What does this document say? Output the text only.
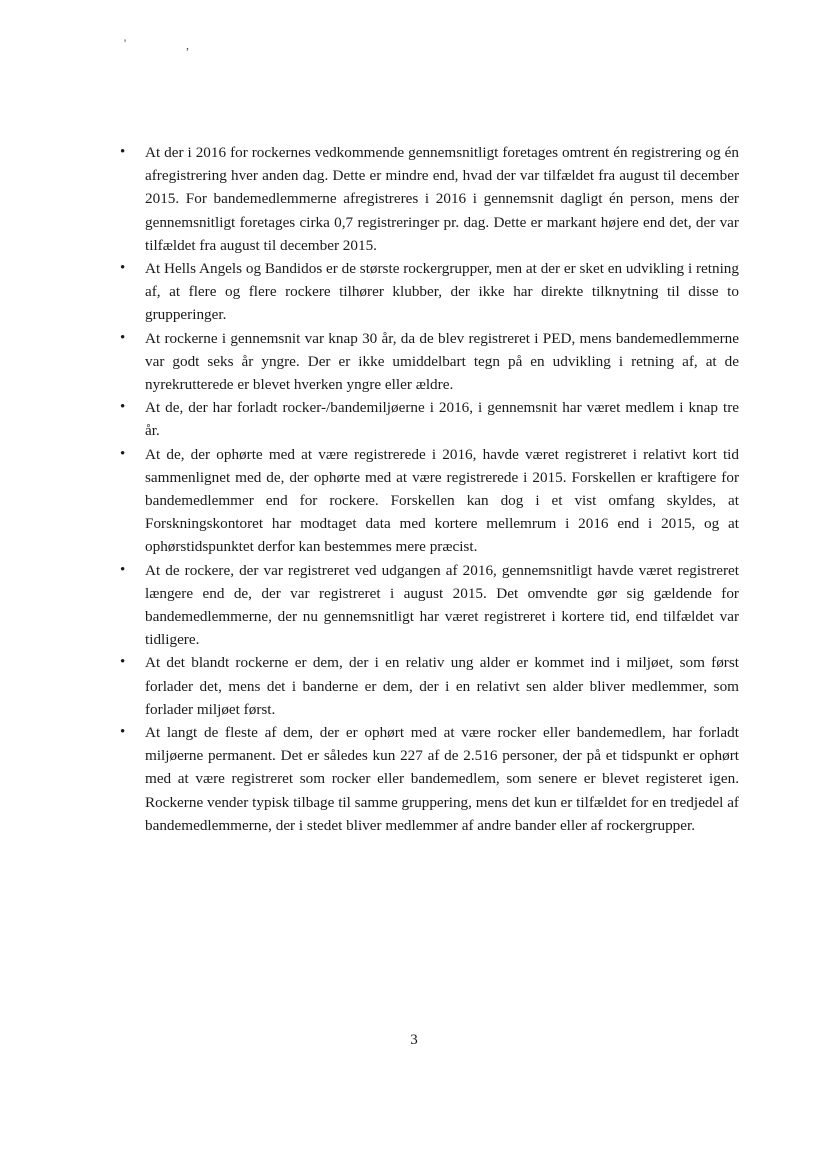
'	,
• At der i 2016 for rockernes vedkommende gennemsnitligt foretages omtrent én registrering og én afregistrering hver anden dag. Dette er mindre end, hvad der var tilfældet fra august til december 2015. For bandemedlemmerne afregistreres i 2016 i gennemsnit dagligt én person, mens der gennemsnitligt foretages cirka 0,7 registreringer pr. dag. Dette er markant højere end det, der var tilfældet fra august til december 2015.
• At Hells Angels og Bandidos er de største rockergrupper, men at der er sket en udvikling i retning af, at flere og flere rockere tilhører klubber, der ikke har direkte tilknytning til disse to grupperinger.
• At rockerne i gennemsnit var knap 30 år, da de blev registreret i PED, mens bandemedlemmerne var godt seks år yngre. Der er ikke umiddelbart tegn på en udvikling i retning af, at de nyrekrutterede er blevet hverken yngre eller ældre.
• At de, der har forladt rocker-/bandemiljøerne i 2016, i gennemsnit har været medlem i knap tre år.
• At de, der ophørte med at være registrerede i 2016, havde været registreret i relativt kort tid sammenlignet med de, der ophørte med at være registrerede i 2015. Forskellen er kraftigere for bandemedlemmer end for rockere. Forskellen kan dog i et vist omfang skyldes, at Forskningskontoret har modtaget data med kortere mellemrum i 2016 end i 2015, og at ophørstidspunktet derfor kan bestemmes mere præcist.
• At de rockere, der var registreret ved udgangen af 2016, gennemsnitligt havde været registreret længere end de, der var registreret i august 2015. Det omvendte gør sig gældende for bandemedlemmerne, der nu gennemsnitligt har været registreret i kortere tid, end tilfældet var tidligere.
• At det blandt rockerne er dem, der i en relativ ung alder er kommet ind i miljøet, som først forlader det, mens det i banderne er dem, der i en relativt sen alder bliver medlemmer, som forlader miljøet først.
• At langt de fleste af dem, der er ophørt med at være rocker eller bandemedlem, har forladt miljøerne permanent. Det er således kun 227 af de 2.516 personer, der på et tidspunkt er ophørt med at være registreret som rocker eller bandemedlem, som senere er blevet registeret igen. Rockerne vender typisk tilbage til samme gruppering, mens det kun er tilfældet for en tredjedel af bandemedlemmerne, der i stedet bliver medlemmer af andre bander eller af rockergrupper.
3
